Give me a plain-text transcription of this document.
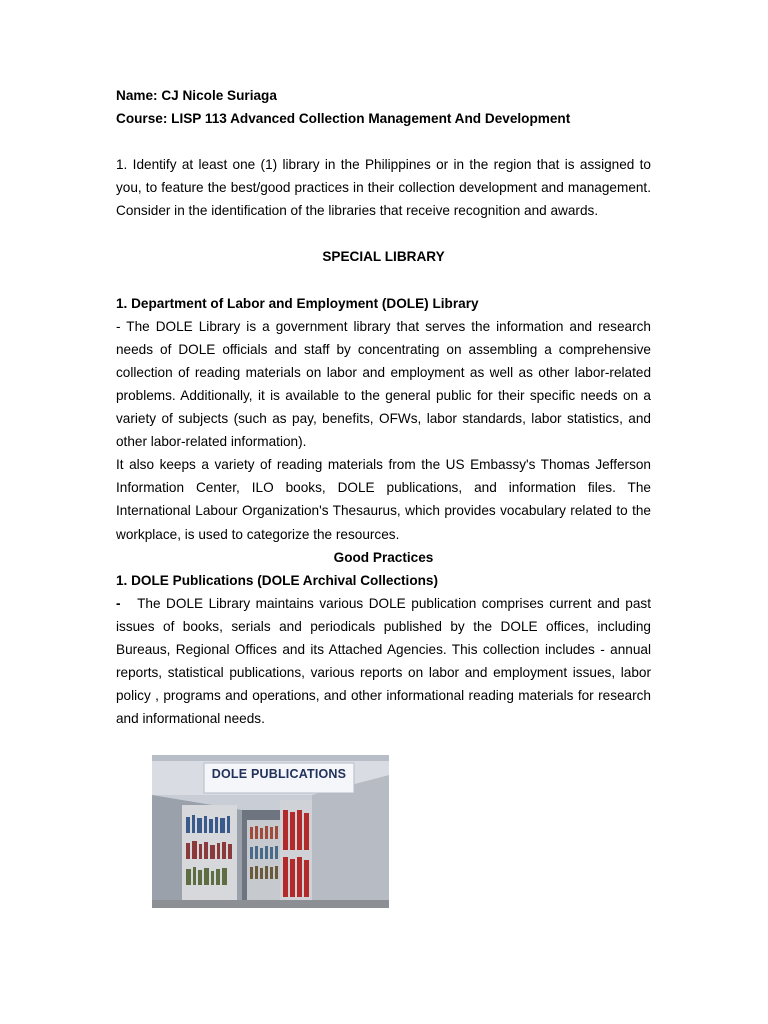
Name: CJ Nicole Suriaga

Course: LISP 113 Advanced Collection Management And Development

1. Identify at least one (1) library in the Philippines or in the region that is assigned to you, to feature the best/good practices in their collection development and management. Consider in the identification of the libraries that receive recognition and awards.

SPECIAL LIBRARY

1. Department of Labor and Employment (DOLE) Library

- The DOLE Library is a government library that serves the information and research needs of DOLE officials and staff by concentrating on assembling a comprehensive collection of reading materials on labor and employment as well as other labor-related problems. Additionally, it is available to the general public for their specific needs on a variety of subjects (such as pay, benefits, OFWs, labor standards, labor statistics, and other labor-related information).

It also keeps a variety of reading materials from the US Embassy's Thomas Jefferson Information Center, ILO books, DOLE publications, and information files. The International Labour Organization's Thesaurus, which provides vocabulary related to the workplace, is used to categorize the resources.

Good Practices

1. DOLE Publications (DOLE Archival Collections)

- The DOLE Library maintains various DOLE publication comprises current and past issues of books, serials and periodicals published by the DOLE offices, including Bureaus, Regional Offices and its Attached Agencies. This collection includes - annual reports, statistical publications, various reports on labor and employment issues, labor policy , programs and operations, and other informational reading materials for research and informational needs.

DOLE PUBLICATIONS
